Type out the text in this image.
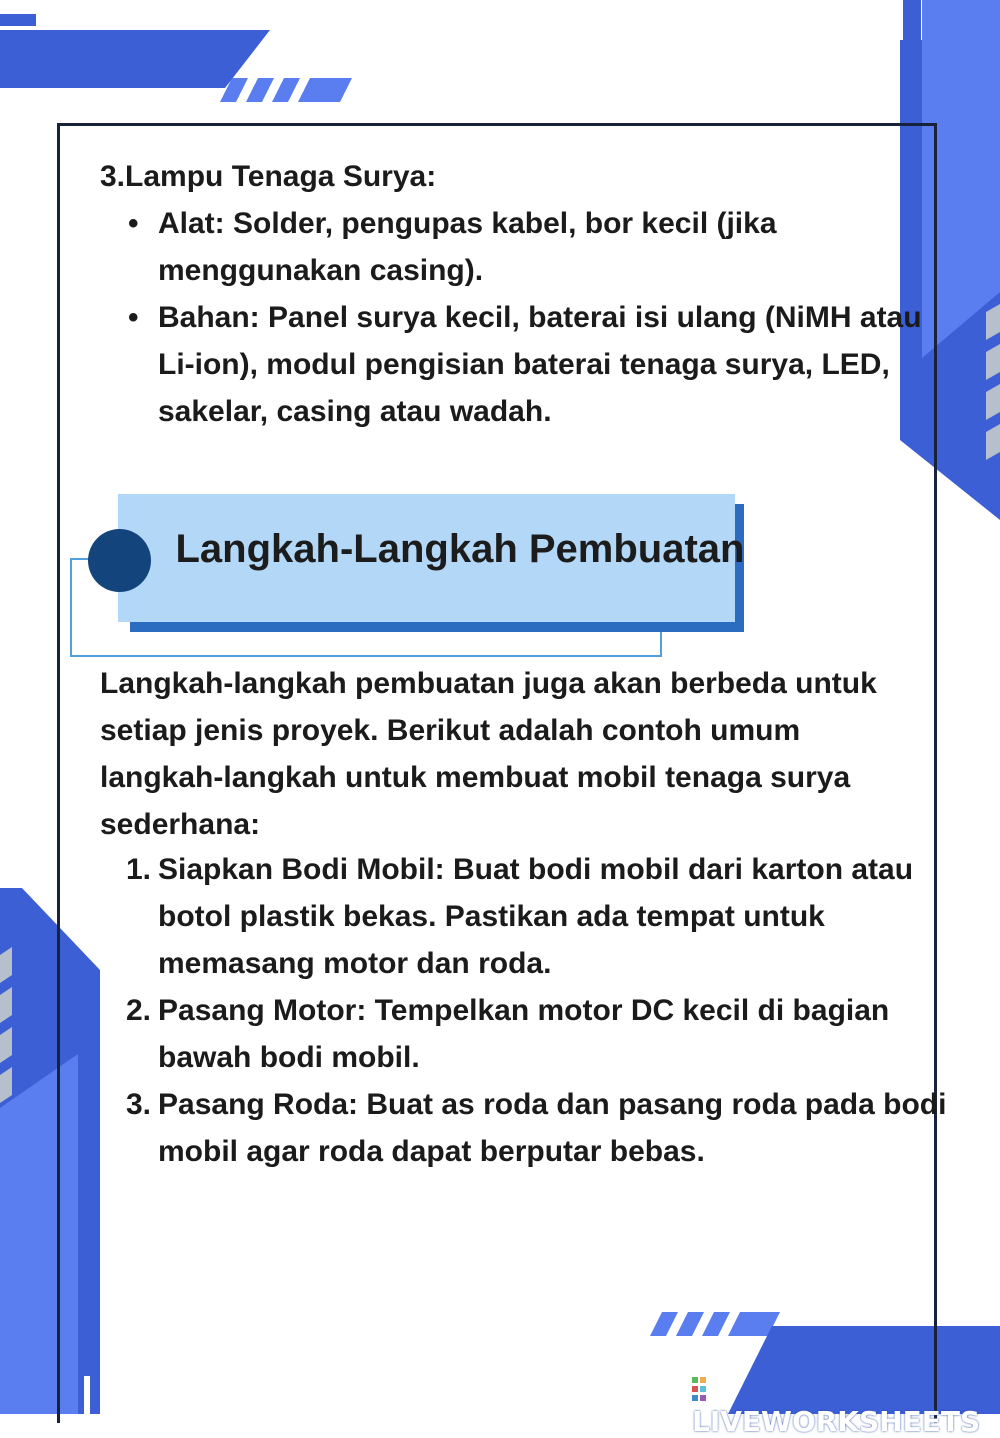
3.Lampu Tenaga Surya:
• Alat: Solder, pengupas kabel, bor kecil (jika menggunakan casing).
• Bahan: Panel surya kecil, baterai isi ulang (NiMH atau Li-ion), modul pengisian baterai tenaga surya, LED, sakelar, casing atau wadah.
Langkah-Langkah Pembuatan
Langkah-langkah pembuatan juga akan berbeda untuk setiap jenis proyek. Berikut adalah contoh umum langkah-langkah untuk membuat mobil tenaga surya sederhana:
1. Siapkan Bodi Mobil: Buat bodi mobil dari karton atau botol plastik bekas. Pastikan ada tempat untuk memasang motor dan roda.
2. Pasang Motor: Tempelkan motor DC kecil di bagian bawah bodi mobil.
3. Pasang Roda: Buat as roda dan pasang roda pada bodi mobil agar roda dapat berputar bebas.
LIVEWORKSHEETS
